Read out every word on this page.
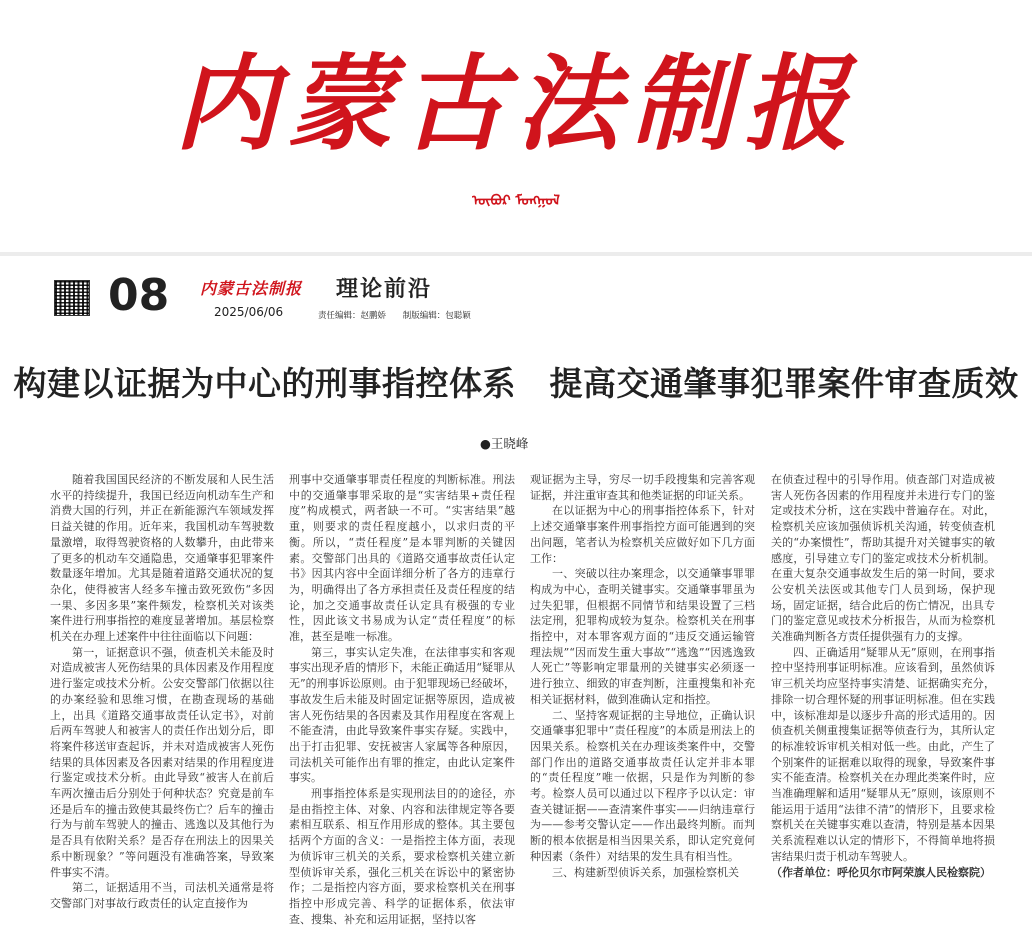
内蒙古法制报
ᠥᠪᠦᠷ ᠮᠣᠩᠭᠣᠯ
08 内蒙古法制报
2025/06/06
理论前沿
责任编辑：赵鹏娇 制版编辑：包聪颖
构建以证据为中心的刑事指控体系　提高交通肇事犯罪案件审查质效
●王晓峰

随着我国国民经济的不断发展和人民生活水平的持续提升，我国已经迈向机动车生产和消费大国的行列，并正在新能源汽车领域发挥日益关键的作用。近年来，我国机动车驾驶数量激增，取得驾驶资格的人数攀升，由此带来了更多的机动车交通隐患，交通肇事犯罪案件数量逐年增加。尤其是随着道路交通状况的复杂化，使得被害人经多车撞击致死致伤“多因一果、多因多果”案件频发，检察机关对该类案件进行刑事指控的难度显著增加。基层检察机关在办理上述案件中往往面临以下问题：

第一，证据意识不强，侦查机关未能及时对造成被害人死伤结果的具体因素及作用程度进行鉴定或技术分析。公安交警部门依据以往的办案经验和思维习惯，在勘查现场的基础上，出具《道路交通事故责任认定书》，对前后两车驾驶人和被害人的责任作出划分后，即将案件移送审查起诉，并未对造成被害人死伤结果的具体因素及各因素对结果的作用程度进行鉴定或技术分析。由此导致“被害人在前后车两次撞击后分别处于何种状态？究竟是前车还是后车的撞击致使其最终伤亡？后车的撞击行为与前车驾驶人的撞击、逃逸以及其他行为是否具有依附关系？是否存在刑法上的因果关系中断现象？”等问题没有准确答案，导致案件事实不清。

第二，证据适用不当，司法机关通常是将交警部门对事故行政责任的认定直接作为

刑事中交通肇事罪责任程度的判断标准。刑法中的交通肇事罪采取的是“实害结果+责任程度”构成模式，两者缺一不可。“实害结果”越重，则要求的责任程度越小，以求归责的平衡。所以，“责任程度”是本罪判断的关键因素。交警部门出具的《道路交通事故责任认定书》因其内容中全面详细分析了各方的违章行为，明确得出了各方承担责任及责任程度的结论，加之交通事故责任认定具有极强的专业性，因此该文书易成为认定“责任程度”的标准，甚至是唯一标准。

第三，事实认定失准，在法律事实和客观事实出现矛盾的情形下，未能正确适用“疑罪从无”的刑事诉讼原则。由于犯罪现场已经破坏，事故发生后未能及时固定证据等原因，造成被害人死伤结果的各因素及其作用程度在客观上不能查清，由此导致案件事实存疑。实践中，出于打击犯罪、安抚被害人家属等各种原因，司法机关可能作出有罪的推定，由此认定案件事实。

刑事指控体系是实现刑法目的的途径，亦是由指控主体、对象、内容和法律规定等各要素相互联系、相互作用形成的整体。其主要包括两个方面的含义：一是指控主体方面，表现为侦诉审三机关的关系，要求检察机关建立新型侦诉审关系，强化三机关在诉讼中的紧密协作；二是指控内容方面，要求检察机关在刑事指控中形成完善、科学的证据体系，依法审查、搜集、补充和运用证据，坚持以客

观证据为主导，穷尽一切手段搜集和完善客观证据，并注重审查其和他类证据的印证关系。

在以证据为中心的刑事指控体系下，针对上述交通肇事案件刑事指控方面可能遇到的突出问题，笔者认为检察机关应做好如下几方面工作：

一、突破以往办案理念，以交通肇事罪罪构成为中心，查明关键事实。交通肇事罪虽为过失犯罪，但根据不同情节和结果设置了三档法定刑，犯罪构成较为复杂。检察机关在刑事指控中，对本罪客观方面的“违反交通运输管理法规”“因而发生重大事故”“逃逸”“因逃逸致人死亡”等影响定罪量刑的关键事实必须逐一进行独立、细致的审查判断，注重搜集和补充相关证据材料，做到准确认定和指控。

二、坚持客观证据的主导地位，正确认识交通肇事犯罪中“责任程度”的本质是刑法上的因果关系。检察机关在办理该类案件中，交警部门作出的道路交通事故责任认定并非本罪的“责任程度”唯一依据，只是作为判断的参考。检察人员可以通过以下程序予以认定：审查关键证据——查清案件事实——归纳违章行为——参考交警认定——作出最终判断。而判断的根本依据是相当因果关系，即认定究竟何种因素（条件）对结果的发生具有相当性。

三、构建新型侦诉关系，加强检察机关

在侦查过程中的引导作用。侦查部门对造成被害人死伤各因素的作用程度并未进行专门的鉴定或技术分析，这在实践中普遍存在。对此，检察机关应该加强侦诉机关沟通，转变侦查机关的“办案惯性”，帮助其提升对关键事实的敏感度，引导建立专门的鉴定或技术分析机制。在重大复杂交通事故发生后的第一时间，要求公安机关法医或其他专门人员到场，保护现场，固定证据，结合此后的伤亡情况，出具专门的鉴定意见或技术分析报告，从而为检察机关准确判断各方责任提供强有力的支撑。

四、正确适用“疑罪从无”原则，在刑事指控中坚持刑事证明标准。应该看到，虽然侦诉审三机关均应坚持事实清楚、证据确实充分，排除一切合理怀疑的刑事证明标准。但在实践中，该标准却是以逐步升高的形式适用的。因侦查机关侧重搜集证据等侦查行为，其所认定的标准较诉审机关相对低一些。由此，产生了个别案件的证据难以取得的现象，导致案件事实不能查清。检察机关在办理此类案件时，应当准确理解和适用“疑罪从无”原则，该原则不能运用于适用“法律不清”的情形下，且要求检察机关在关键事实难以查清，特别是基本因果关系流程难以认定的情形下，不得简单地将损害结果归责于机动车驾驶人。

（作者单位：呼伦贝尔市阿荣旗人民检察院）
